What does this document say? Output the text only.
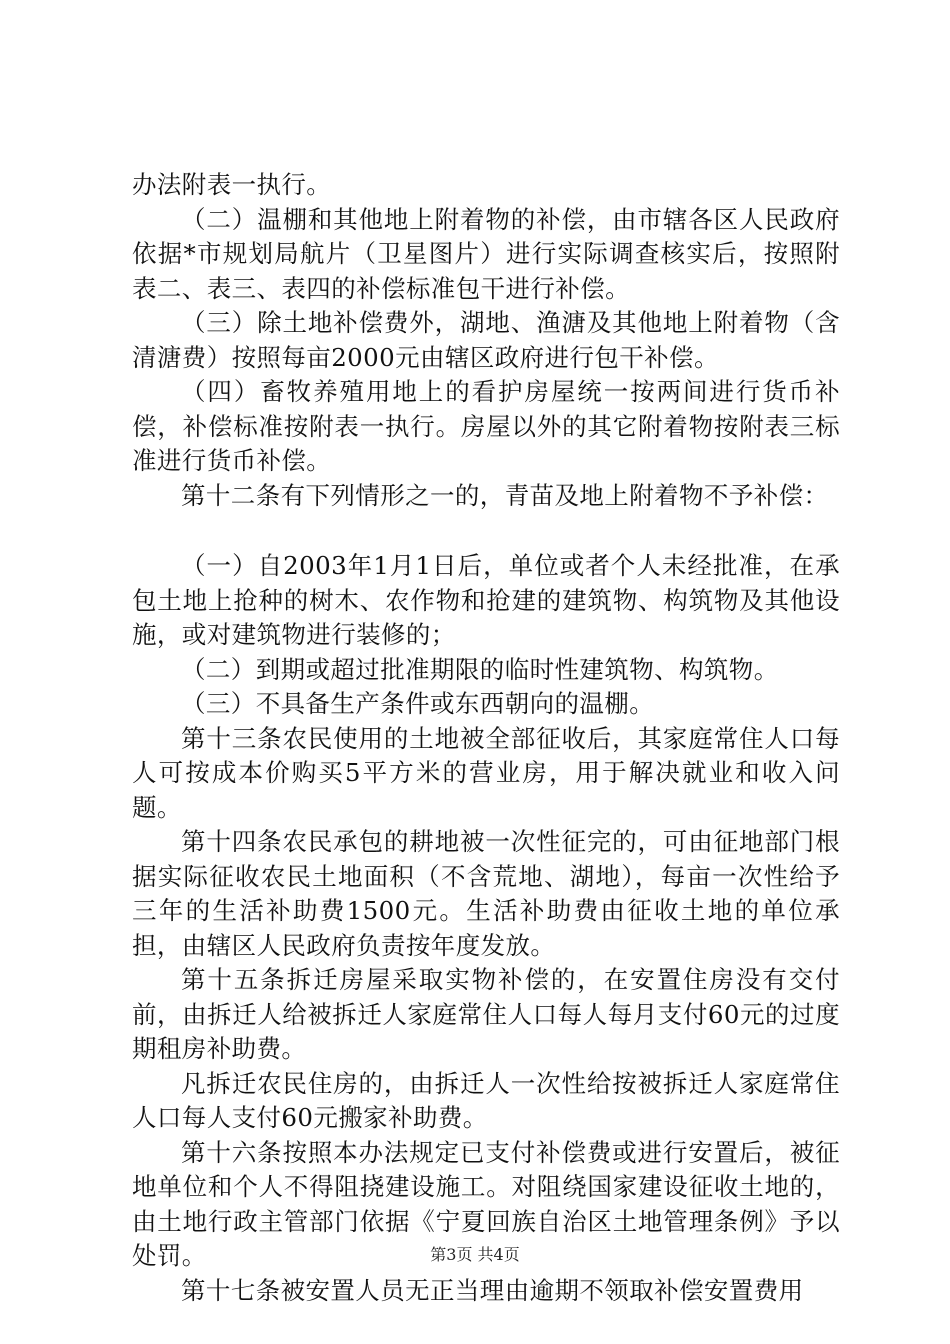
办法附表一执行。

（二）温棚和其他地上附着物的补偿，由市辖各区人民政府依据*市规划局航片（卫星图片）进行实际调查核实后，按照附表二、表三、表四的补偿标准包干进行补偿。

（三）除土地补偿费外，湖地、渔溏及其他地上附着物（含清溏费）按照每亩2000元由辖区政府进行包干补偿。

（四）畜牧养殖用地上的看护房屋统一按两间进行货币补偿，补偿标准按附表一执行。房屋以外的其它附着物按附表三标准进行货币补偿。

第十二条有下列情形之一的，青苗及地上附着物不予补偿：

（一）自2003年1月1日后，单位或者个人未经批准，在承包土地上抢种的树木、农作物和抢建的建筑物、构筑物及其他设施，或对建筑物进行装修的；

（二）到期或超过批准期限的临时性建筑物、构筑物。

（三）不具备生产条件或东西朝向的温棚。

第十三条农民使用的土地被全部征收后，其家庭常住人口每人可按成本价购买5平方米的营业房，用于解决就业和收入问题。

第十四条农民承包的耕地被一次性征完的，可由征地部门根据实际征收农民土地面积（不含荒地、湖地），每亩一次性给予三年的生活补助费1500元。生活补助费由征收土地的单位承担，由辖区人民政府负责按年度发放。

第十五条拆迁房屋采取实物补偿的，在安置住房没有交付前，由拆迁人给被拆迁人家庭常住人口每人每月支付60元的过度期租房补助费。

凡拆迁农民住房的，由拆迁人一次性给按被拆迁人家庭常住人口每人支付60元搬家补助费。

第十六条按照本办法规定已支付补偿费或进行安置后，被征地单位和个人不得阻挠建设施工。对阻绕国家建设征收土地的，由土地行政主管部门依据《宁夏回族自治区土地管理条例》予以处罚。

第十七条被安置人员无正当理由逾期不领取补偿安置费用

第3页 共4页
